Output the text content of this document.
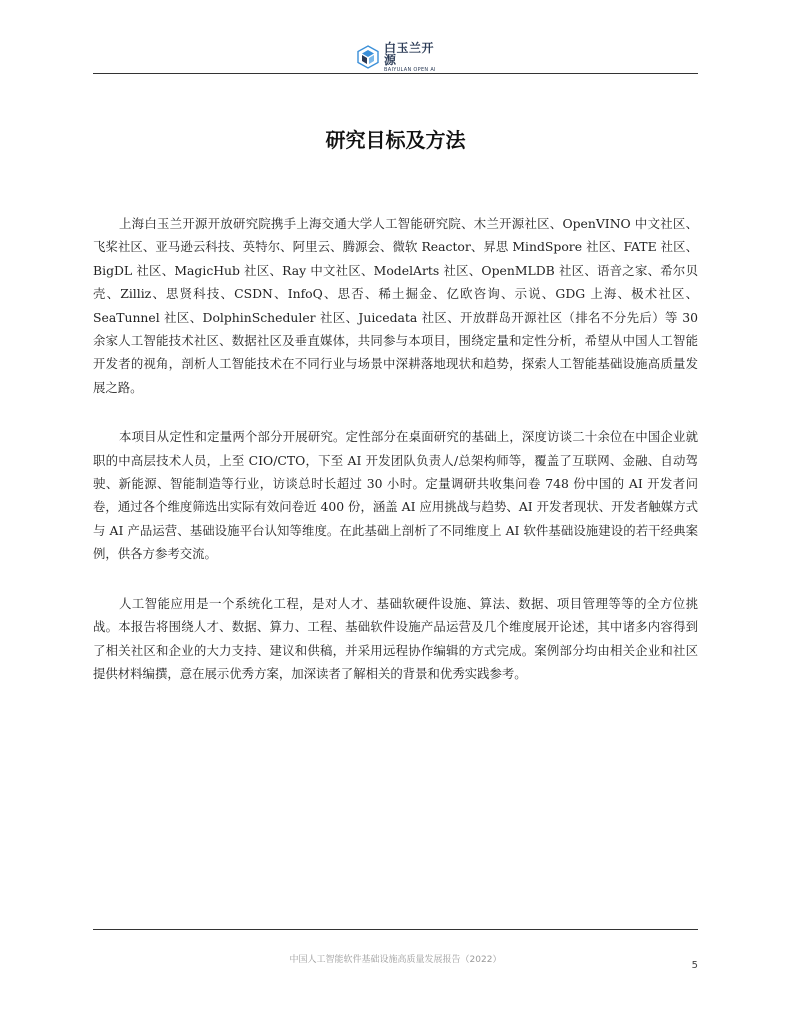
白玉兰开源
BAIYULAN OPEN AI
研究目标及方法

上海白玉兰开源开放研究院携手上海交通大学人工智能研究院、木兰开源社区、OpenVINO 中文社区、飞桨社区、亚马逊云科技、英特尔、阿里云、腾源会、微软 Reactor、昇思 MindSpore 社区、FATE 社区、BigDL 社区、MagicHub 社区、Ray 中文社区、ModelArts 社区、OpenMLDB 社区、语音之家、希尔贝壳、Zilliz、思贤科技、CSDN、InfoQ、思否、稀土掘金、亿欧咨询、示说、GDG 上海、极术社区、SeaTunnel 社区、DolphinScheduler 社区、Juicedata 社区、开放群岛开源社区（排名不分先后）等 30 余家人工智能技术社区、数据社区及垂直媒体，共同参与本项目，围绕定量和定性分析，希望从中国人工智能开发者的视角，剖析人工智能技术在不同行业与场景中深耕落地现状和趋势，探索人工智能基础设施高质量发展之路。

本项目从定性和定量两个部分开展研究。定性部分在桌面研究的基础上，深度访谈二十余位在中国企业就职的中高层技术人员，上至 CIO/CTO，下至 AI 开发团队负责人/总架构师等，覆盖了互联网、金融、自动驾驶、新能源、智能制造等行业，访谈总时长超过 30 小时。定量调研共收集问卷 748 份中国的 AI 开发者问卷，通过各个维度筛选出实际有效问卷近 400 份，涵盖 AI 应用挑战与趋势、AI 开发者现状、开发者触媒方式与 AI 产品运营、基础设施平台认知等维度。在此基础上剖析了不同维度上 AI 软件基础设施建设的若干经典案例，供各方参考交流。

人工智能应用是一个系统化工程，是对人才、基础软硬件设施、算法、数据、项目管理等等的全方位挑战。本报告将围绕人才、数据、算力、工程、基础软件设施产品运营及几个维度展开论述，其中诸多内容得到了相关社区和企业的大力支持、建议和供稿，并采用远程协作编辑的方式完成。案例部分均由相关企业和社区提供材料编撰，意在展示优秀方案，加深读者了解相关的背景和优秀实践参考。

中国人工智能软件基础设施高质量发展报告（2022）	5
